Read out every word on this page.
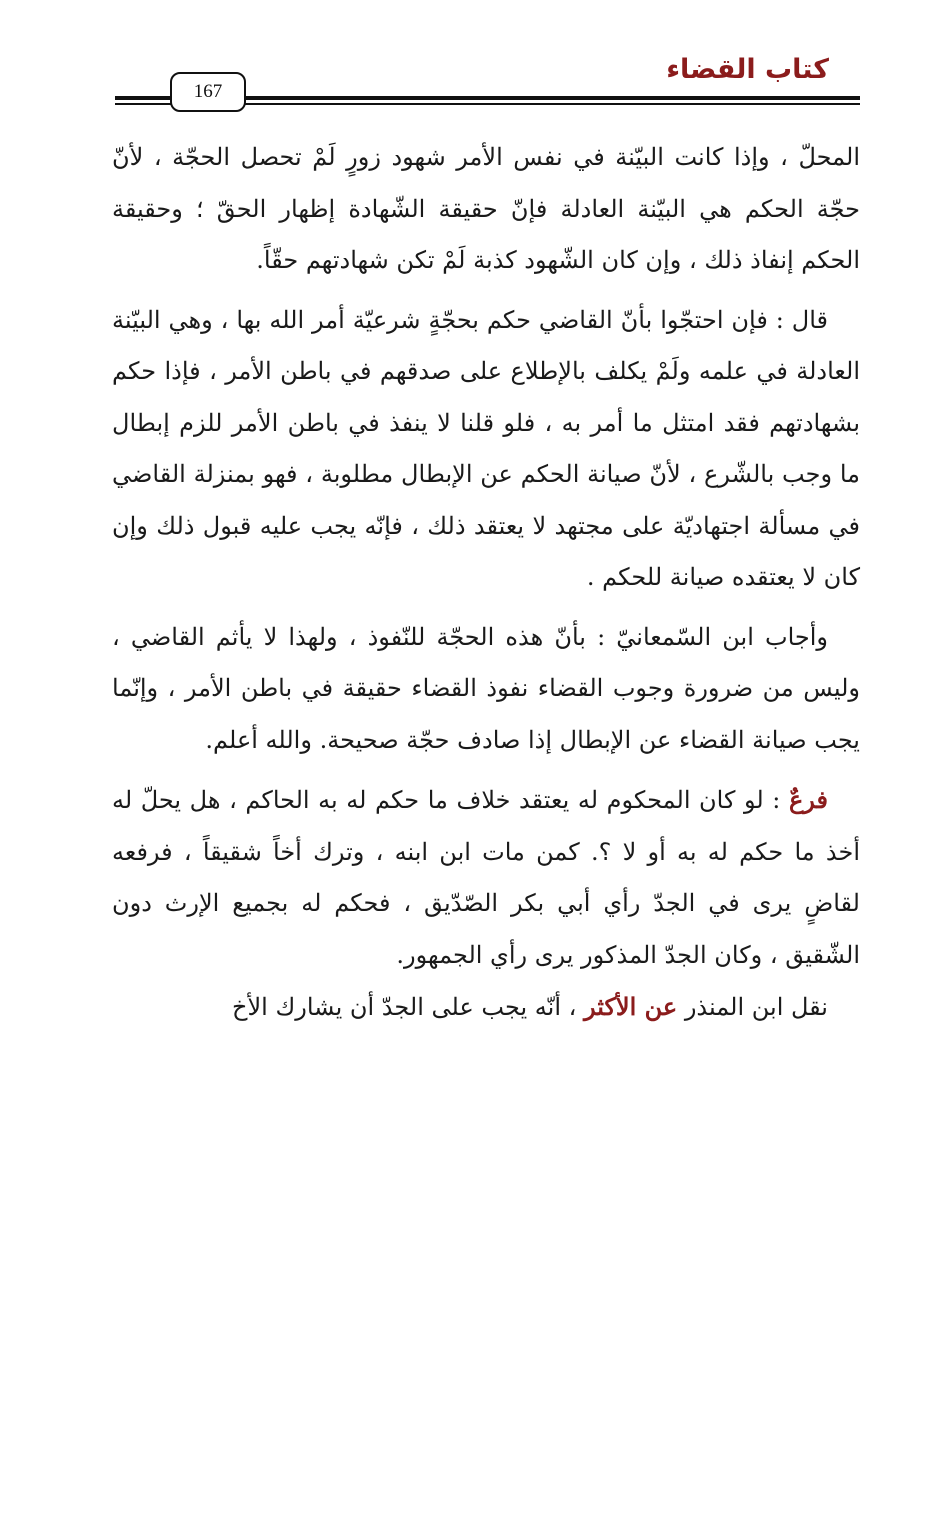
كتاب القضاء
167

المحلّ ، وإذا كانت البيّنة في نفس الأمر شهود زورٍ لَمْ تحصل الحجّة ، لأنّ حجّة الحكم هي البيّنة العادلة فإنّ حقيقة الشّهادة إظهار الحقّ ؛ وحقيقة الحكم إنفاذ ذلك ، وإن كان الشّهود كذبة لَمْ تكن شهادتهم حقّاً.

قال : فإن احتجّوا بأنّ القاضي حكم بحجّةٍ شرعيّة أمر الله بها ، وهي البيّنة العادلة في علمه ولَمْ يكلف بالإطلاع على صدقهم في باطن الأمر ، فإذا حكم بشهادتهم فقد امتثل ما أمر به ، فلو قلنا لا ينفذ في باطن الأمر للزم إبطال ما وجب بالشّرع ، لأنّ صيانة الحكم عن الإبطال مطلوبة ، فهو بمنزلة القاضي في مسألة اجتهاديّة على مجتهد لا يعتقد ذلك ، فإنّه يجب عليه قبول ذلك وإن كان لا يعتقده صيانة للحكم .

وأجاب ابن السّمعانيّ : بأنّ هذه الحجّة للنّفوذ ، ولهذا لا يأثم القاضي ، وليس من ضرورة وجوب القضاء نفوذ القضاء حقيقة في باطن الأمر ، وإنّما يجب صيانة القضاء عن الإبطال إذا صادف حجّة صحيحة. والله أعلم.

فرعٌ : لو كان المحكوم له يعتقد خلاف ما حكم له به الحاكم ، هل يحلّ له أخذ ما حكم له به أو لا ؟. كمن مات ابن ابنه ، وترك أخاً شقيقاً ، فرفعه لقاضٍ يرى في الجدّ رأي أبي بكر الصّدّيق ، فحكم له بجميع الإرث دون الشّقيق ، وكان الجدّ المذكور يرى رأي الجمهور.

نقل ابن المنذر عن الأكثر ، أنّه يجب على الجدّ أن يشارك الأخ
